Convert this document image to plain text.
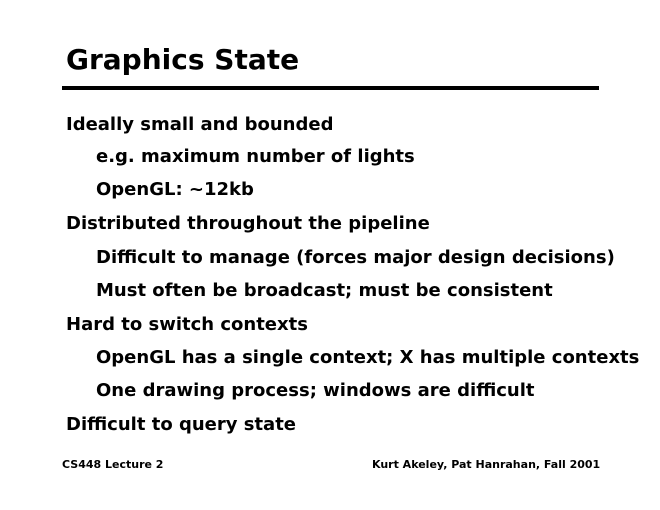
Graphics State
Ideally small and bounded
e.g. maximum number of lights
OpenGL: ~12kb
Distributed throughout the pipeline
Difficult to manage (forces major design decisions)
Must often be broadcast; must be consistent
Hard to switch contexts
OpenGL has a single context; X has multiple contexts
One drawing process; windows are difficult
Difficult to query state
CS448 Lecture 2	Kurt Akeley, Pat Hanrahan, Fall 2001
